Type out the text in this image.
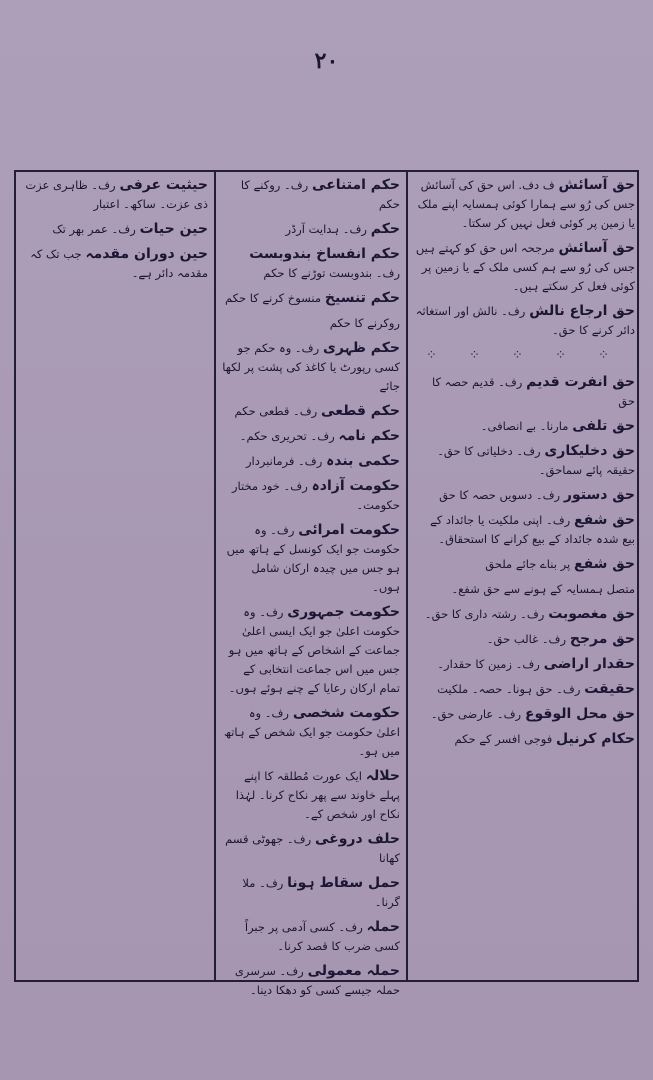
۲۰
حق آسائش ف دف. اس حق کی آسائش جس کی رُو سے ہمارا کوئی ہمسایہ اپنے ملک یا زمین پر کوئی فعل نہیں کر سکتا۔
حق آسائش مرجحہ اس حق کو کہتے ہیں جس کی رُو سے ہم کسی ملک کے یا زمین پر کوئی فعل کر سکتے ہیں۔
حق ارجاع نالش رف۔ نالش اور استغاثہ دائر کرنے کا حق۔
⁘ ⁘ ⁘ ⁘ ⁘
حق انفرت قدیم رف۔ قدیم حصہ کا حق
حق تلفی مارنا۔ بے انصافی۔
حق دخلیکاری رف۔ دخلیاتی کا حق۔ حقیقہ پائے سماحق۔
حق دستور رف۔ دسویں حصہ کا حق
حق شفع رف۔ اپنی ملکیت یا جائداد کے بیع شدہ جائداد کے بیع کرانے کا استحقاق۔
حق شفع پر بناے جائے ملحق
متصل ہمسایہ کے ہونے سے حق شفع۔
حق مغصوبت رف۔ رشتہ داری کا حق۔
حق مرجح رف۔ غالب حق۔
حقدار اراضی رف۔ زمین کا حقدار۔
حقیقت رف۔ حق ہونا۔ حصہ۔ ملکیت
حق محل الوقوع رف۔ عارضی حق۔
حکام کرنیل فوجی افسر کے حکم
حکم امتناعی رف۔ روکنے کا حکم
حکم رف۔ ہدایت آرڈر
حکم انفساخ بندوبست رف۔ بندوبست توڑنے کا حکم
حکم تنسیخ منسوخ کرنے کا حکم
روکرنے کا حکم
حکم ظہری رف۔ وہ حکم جو کسی رپورٹ یا کاغذ کی پشت پر لکھا جائے
حکم قطعی رف۔ قطعی حکم
حکم نامہ رف۔ تحریری حکم۔
حکمی بندہ رف۔ فرمانبردار
حکومت آزادہ رف۔ خود مختار حکومت۔
حکومت امرائی رف۔ وہ حکومت جو ایک کونسل کے ہاتھ میں ہو جس میں چیدہ ارکان شامل ہوں۔
حکومت جمہوری رف۔ وہ حکومت اعلیٰ جو ایک ایسی اعلیٰ جماعت کے اشخاص کے ہاتھ میں ہو جس میں اس جماعت انتخابی کے تمام ارکان رعایا کے چنے ہوئے ہوں۔
حکومت شخصی رف۔ وہ اعلیٰ حکومت جو ایک شخص کے ہاتھ میں ہو۔
حلالہ ایک عورت مُطلقہ کا اپنے پہلے خاوند سے پھر نکاح کرنا۔ لہٰذا نکاح اور شخص کے۔
حلف دروغی رف۔ جھوٹی قسم کھانا
حمل سقاط ہونا رف۔ ملا گرنا۔
حملہ رف۔ کسی آدمی پر جبراً کسی ضرب کا قصد کرنا۔
حملہ معمولی رف۔ سرسری حملہ جیسے کسی کو دھکا دینا۔
حیثیت عرفی رف۔ ظاہری عزت ذی عزت۔ ساکھ۔ اعتبار
حین حیات رف۔ عمر بھر تک
حین دوران مقدمہ جب تک کہ مقدمہ دائر ہے۔
